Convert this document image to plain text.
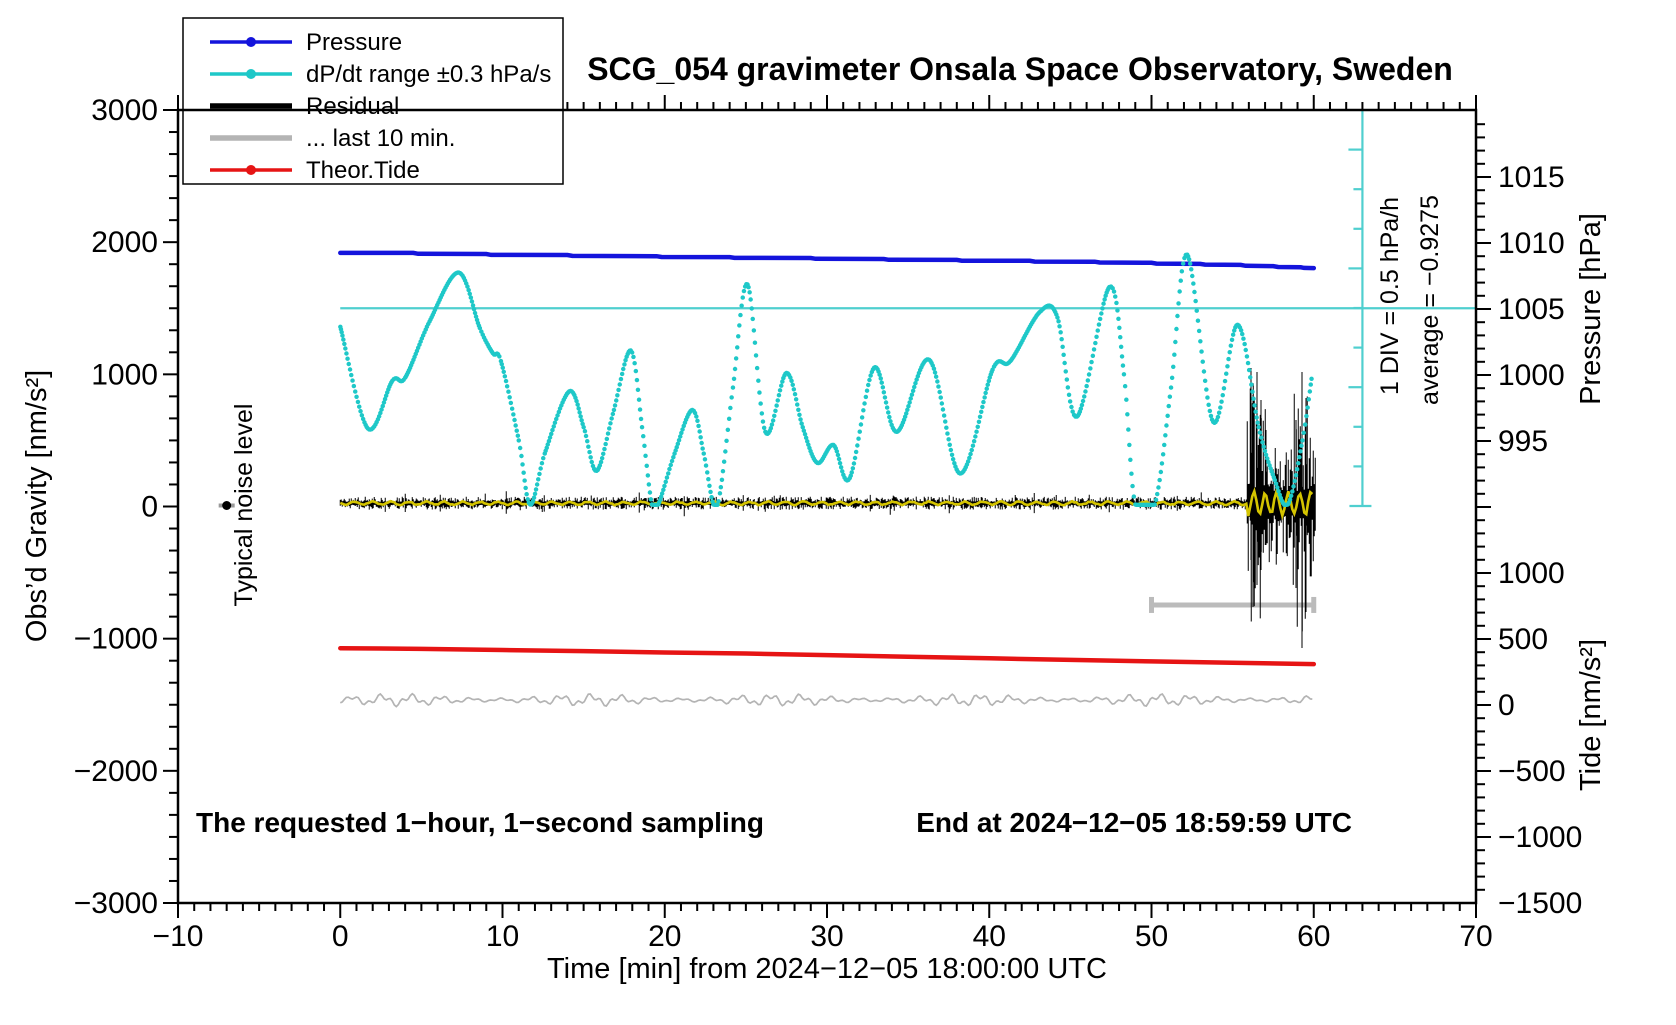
−10	0	10	20	30	40	50	60	70
3000
2000
1000
0
−1000
−2000
−3000
1015
1010
1005
1000
995
1000
500
0
−500
−1000
−1500
Pressure
dP/dt range ±0.3 hPa/s
Residual
... last 10 min.
Theor.Tide
SCG_054 gravimeter Onsala Space Observatory, Sweden
Time [min] from 2024−12−05 18:00:00 UTC
Obs’d Gravity [nm/s²]
Pressure [hPa]
Tide [nm/s²]
1 DIV = 0.5 hPa/h average = −0.9275
Typical noise level
The requested 1−hour, 1−second sampling	End at 2024−12−05 18:59:59 UTC
